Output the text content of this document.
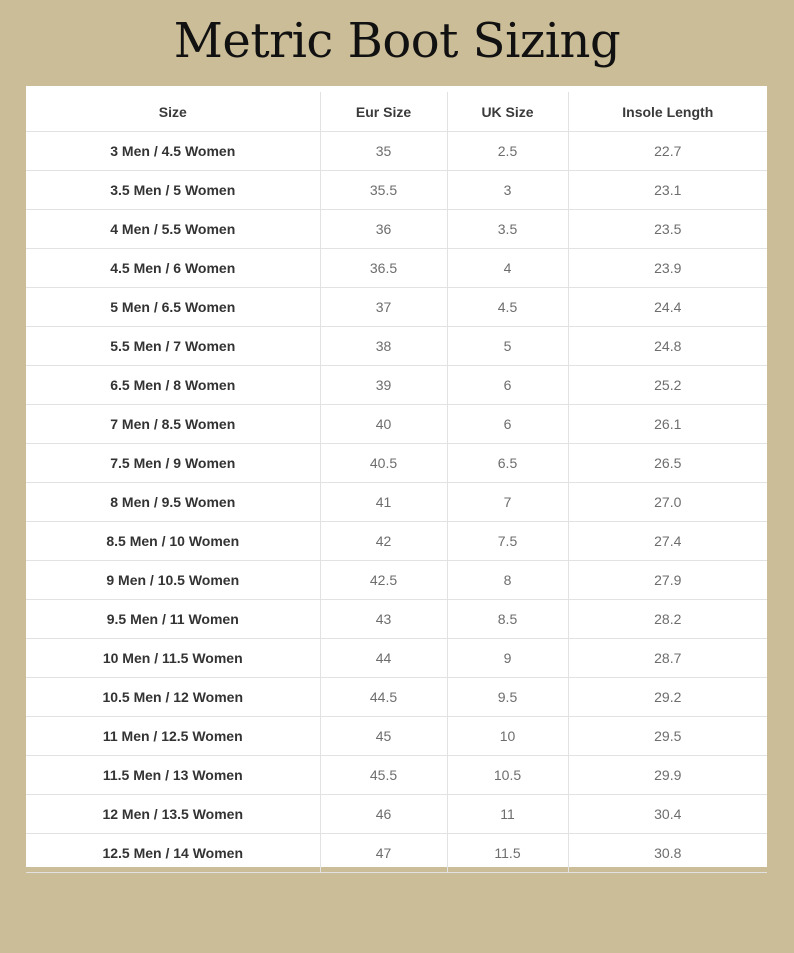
Metric Boot Sizing
Size	Eur Size	UK Size	Insole Length
3 Men / 4.5 Women	35	2.5	22.7
3.5 Men / 5 Women	35.5	3	23.1
4 Men / 5.5 Women	36	3.5	23.5
4.5 Men / 6 Women	36.5	4	23.9
5 Men / 6.5 Women	37	4.5	24.4
5.5 Men / 7 Women	38	5	24.8
6.5 Men / 8 Women	39	6	25.2
7 Men / 8.5 Women	40	6	26.1
7.5 Men / 9 Women	40.5	6.5	26.5
8 Men / 9.5 Women	41	7	27.0
8.5 Men / 10 Women	42	7.5	27.4
9 Men / 10.5 Women	42.5	8	27.9
9.5 Men / 11 Women	43	8.5	28.2
10 Men / 11.5 Women	44	9	28.7
10.5 Men / 12 Women	44.5	9.5	29.2
11 Men / 12.5 Women	45	10	29.5
11.5 Men / 13 Women	45.5	10.5	29.9
12 Men / 13.5 Women	46	11	30.4
12.5 Men / 14 Women	47	11.5	30.8
